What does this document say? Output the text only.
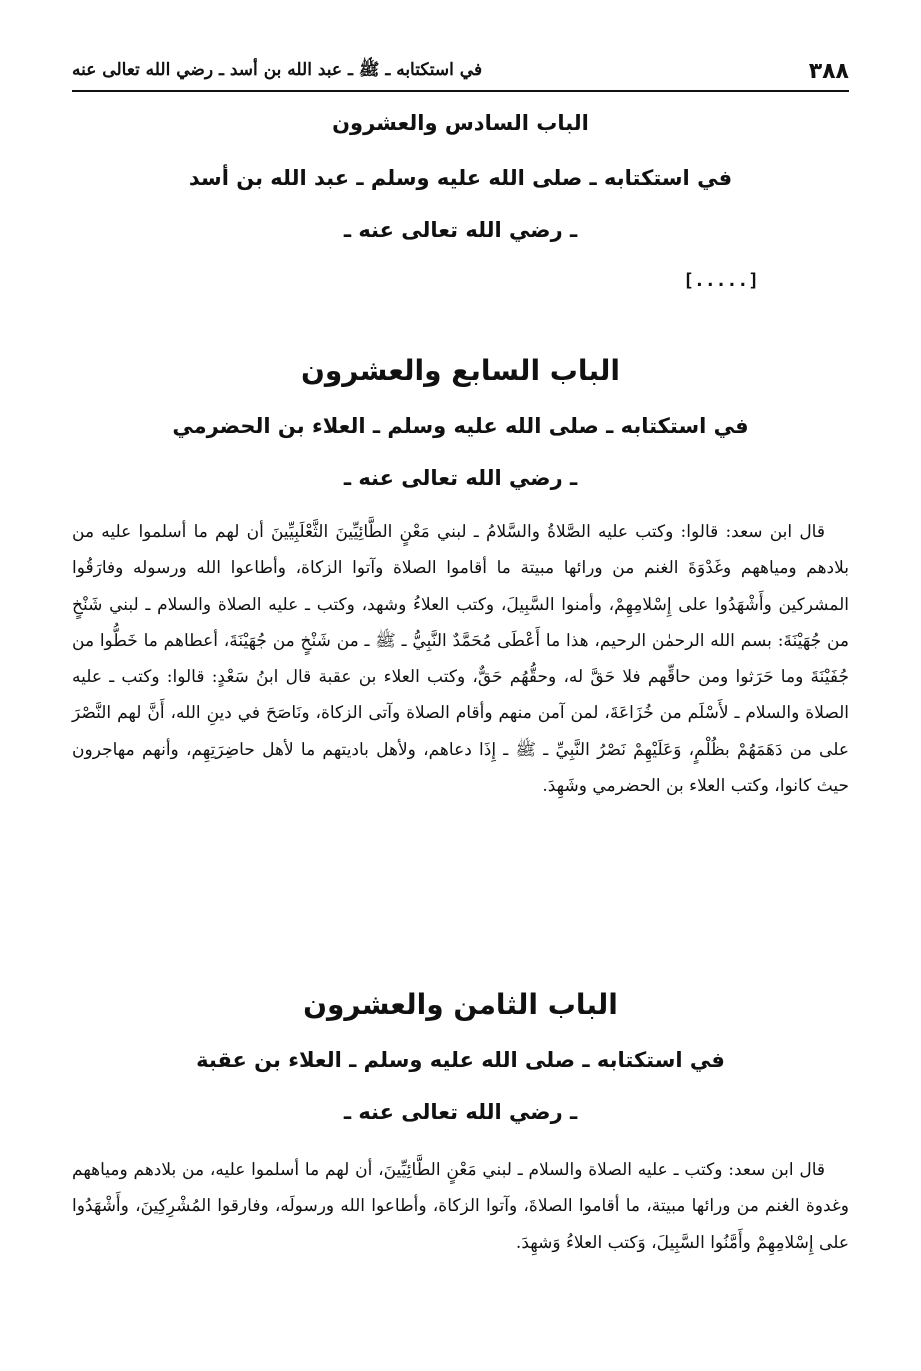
٣٨٨
في استكتابه ـ ﷺ ـ عبد الله بن أسد ـ رضي الله تعالى عنه
الباب السادس والعشرون

في استكتابه ـ صلى الله عليه وسلم ـ عبد الله بن أسد

ـ رضي الله تعالى عنه ـ

[.....]
الباب السابع والعشرون

في استكتابه ـ صلى الله عليه وسلم ـ العلاء بن الحضرمي

ـ رضي الله تعالى عنه ـ

قال ابن سعد: قالوا: وكتب عليه الصَّلاةُ والسَّلامُ ـ لبني مَعْنٍ الطَّائِيِّينَ الثَّعْلَبِيِّينَ أن لهم ما أسلموا عليه من بلادهم ومياههم وغَدْوَةَ الغنم من ورائها مبيتة ما أقاموا الصلاة وآتوا الزكاة، وأطاعوا الله ورسوله وفارَقُوا المشركين وأَشْهَدُوا على إِسْلامِهِمْ، وأمنوا السَّبِيلَ، وكتب العلاءُ وشهد، وكتب ـ عليه الصلاة والسلام ـ لبني شَنْخٍ من جُهَيْنَةَ: بسم الله الرحمٰن الرحيم، هذا ما أَعْطَى مُحَمَّدٌ النَّبِيُّ ـ ﷺ ـ من شَنْخٍ من جُهَيْنَةَ، أعطاهم ما خَطُّوا من جُفَيْنَةَ وما حَرَثوا ومن حاقِّهم فلا حَقَّ له، وحقُّهُم حَقٌّ، وكتب العلاء بن عقبة قال ابنُ سَعْدٍ: قالوا: وكتب ـ عليه الصلاة والسلام ـ لأَسْلَم من خُزَاعَةَ، لمن آمن منهم وأقام الصلاة وآتى الزكاة، ونَاصَحَ في دينِ الله، أَنَّ لهم النَّصْرَ على من دَهَمَهُمْ بظُلْمٍ، وَعَلَيْهِمْ نَصْرُ النَّبِيِّ ـ ﷺ ـ إِذَا دعاهم، ولأهل باديتهم ما لأهل حاضِرَتِهِم، وأنهم مهاجرون حيث كانوا، وكتب العلاء بن الحضرمي وشَهِدَ.

الباب الثامن والعشرون

في استكتابه ـ صلى الله عليه وسلم ـ العلاء بن عقبة

ـ رضي الله تعالى عنه ـ

قال ابن سعد: وكتب ـ عليه الصلاة والسلام ـ لبني مَعْنٍ الطَّائِيِّينَ، أن لهم ما أسلموا عليه، من بلادهم ومياههم وغدوة الغنم من ورائها مبيتة، ما أقاموا الصلاةَ، وآتوا الزكاة، وأطاعوا الله ورسولَه، وفارقوا المُشْرِكِينَ، وأَشْهَدُوا على إِسْلامِهِمْ وأَمَّنُوا السَّبِيلَ، وَكتب العلاءُ وَشهِدَ.
